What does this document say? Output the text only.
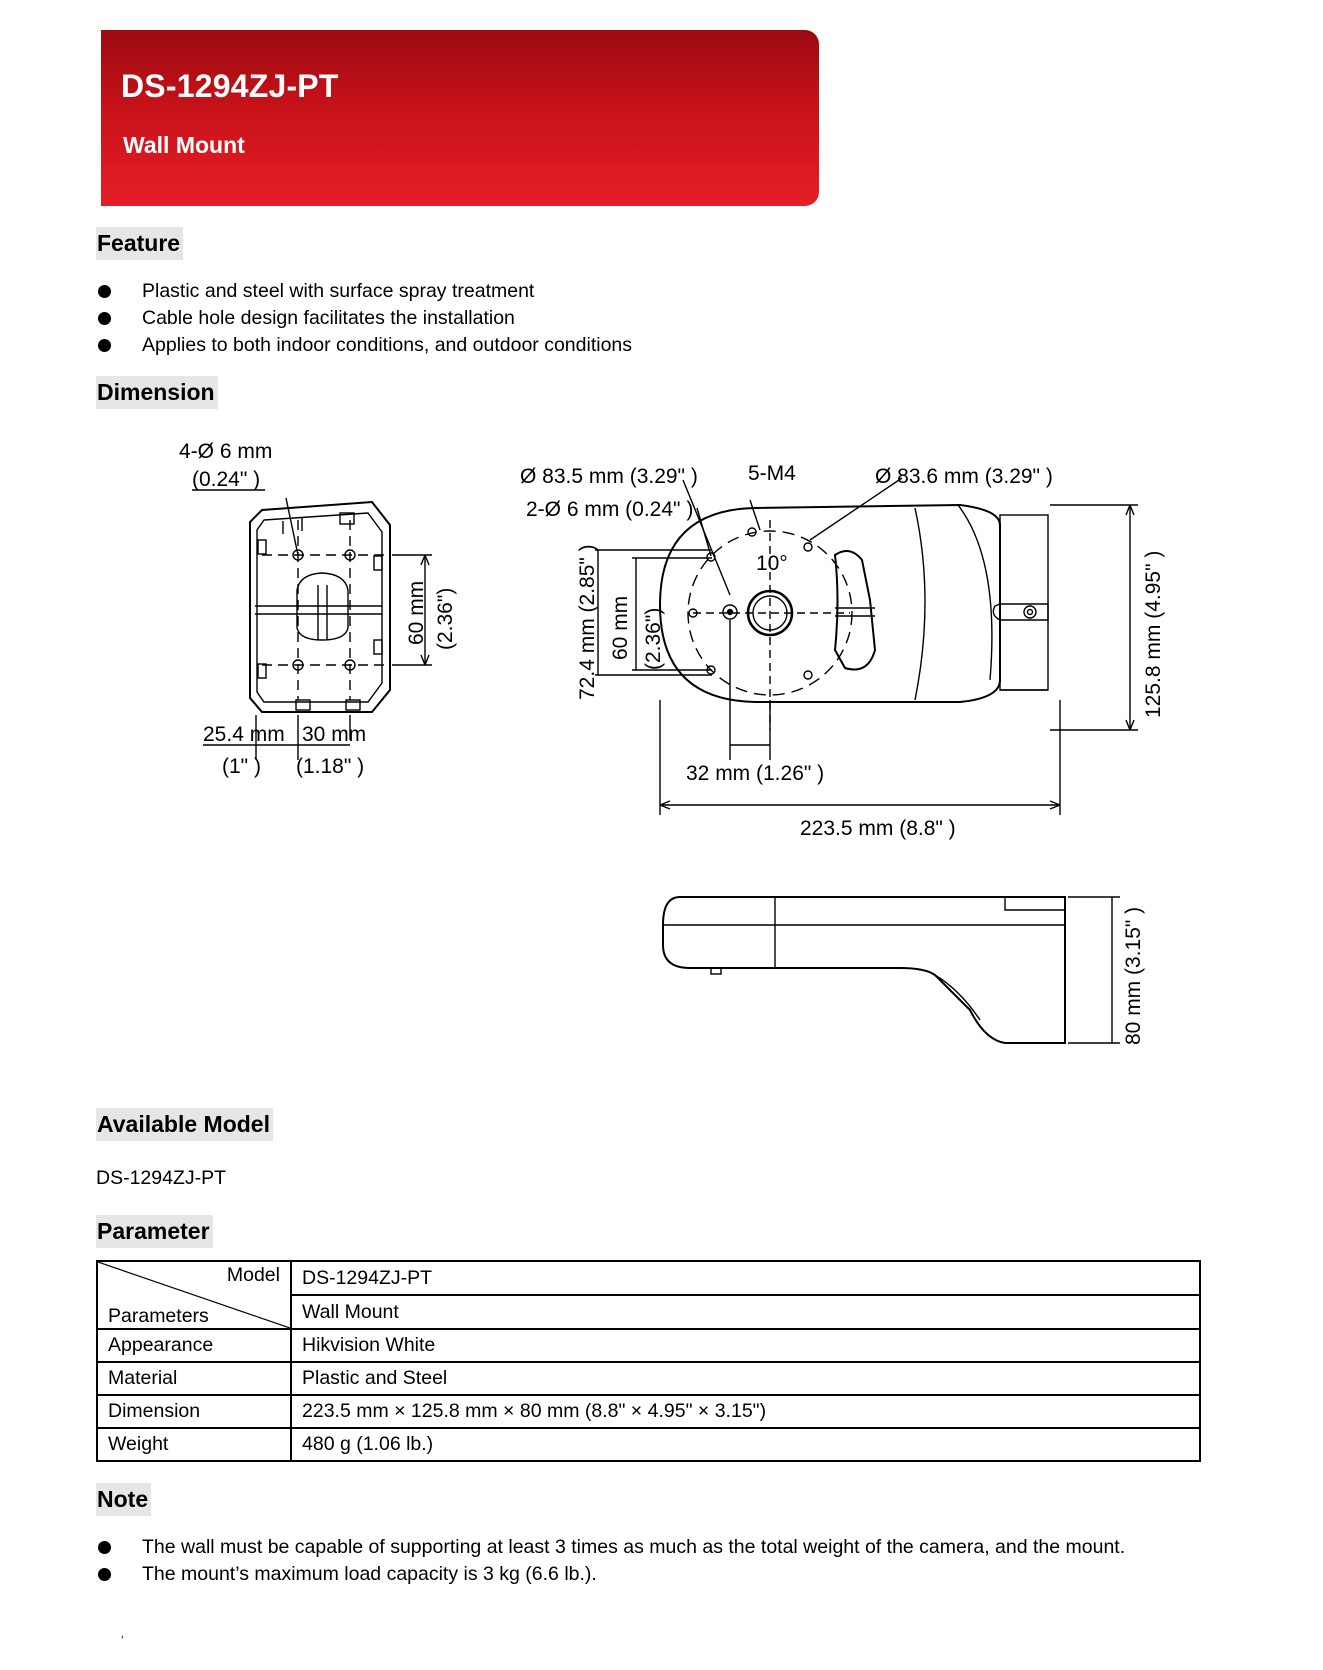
DS-1294ZJ-PT
Wall Mount
Feature
Plastic and steel with surface spray treatment
Cable hole design facilitates the installation
Applies to both indoor conditions, and outdoor conditions
Dimension
4-Ø 6 mm
(0.24" )
25.4 mm
(1" )
30 mm
(1.18" )
60 mm (2.36")
Ø 83.5 mm (3.29" ) 5-M4	Ø 83.6 mm (3.29" )
2-Ø 6 mm (0.24" )
10°
32 mm (1.26" )
223.5 mm (8.8" )
72.4 mm (2.85" ) 60 mm (2.36")	125.8 mm (4.95" )
80 mm (3.15" )
Available Model
DS-1294ZJ-PT
Parameter
Model
Parameters	DS-1294ZJ-PT
	Wall Mount
Appearance	Hikvision White
Material	Plastic and Steel
Dimension	223.5 mm × 125.8 mm × 80 mm (8.8" × 4.95" × 3.15")
Weight	480 g (1.06 lb.)
Note
The wall must be capable of supporting at least 3 times as much as the total weight of the camera, and the mount.
The mount’s maximum load capacity is 3 kg (6.6 lb.).
‘
